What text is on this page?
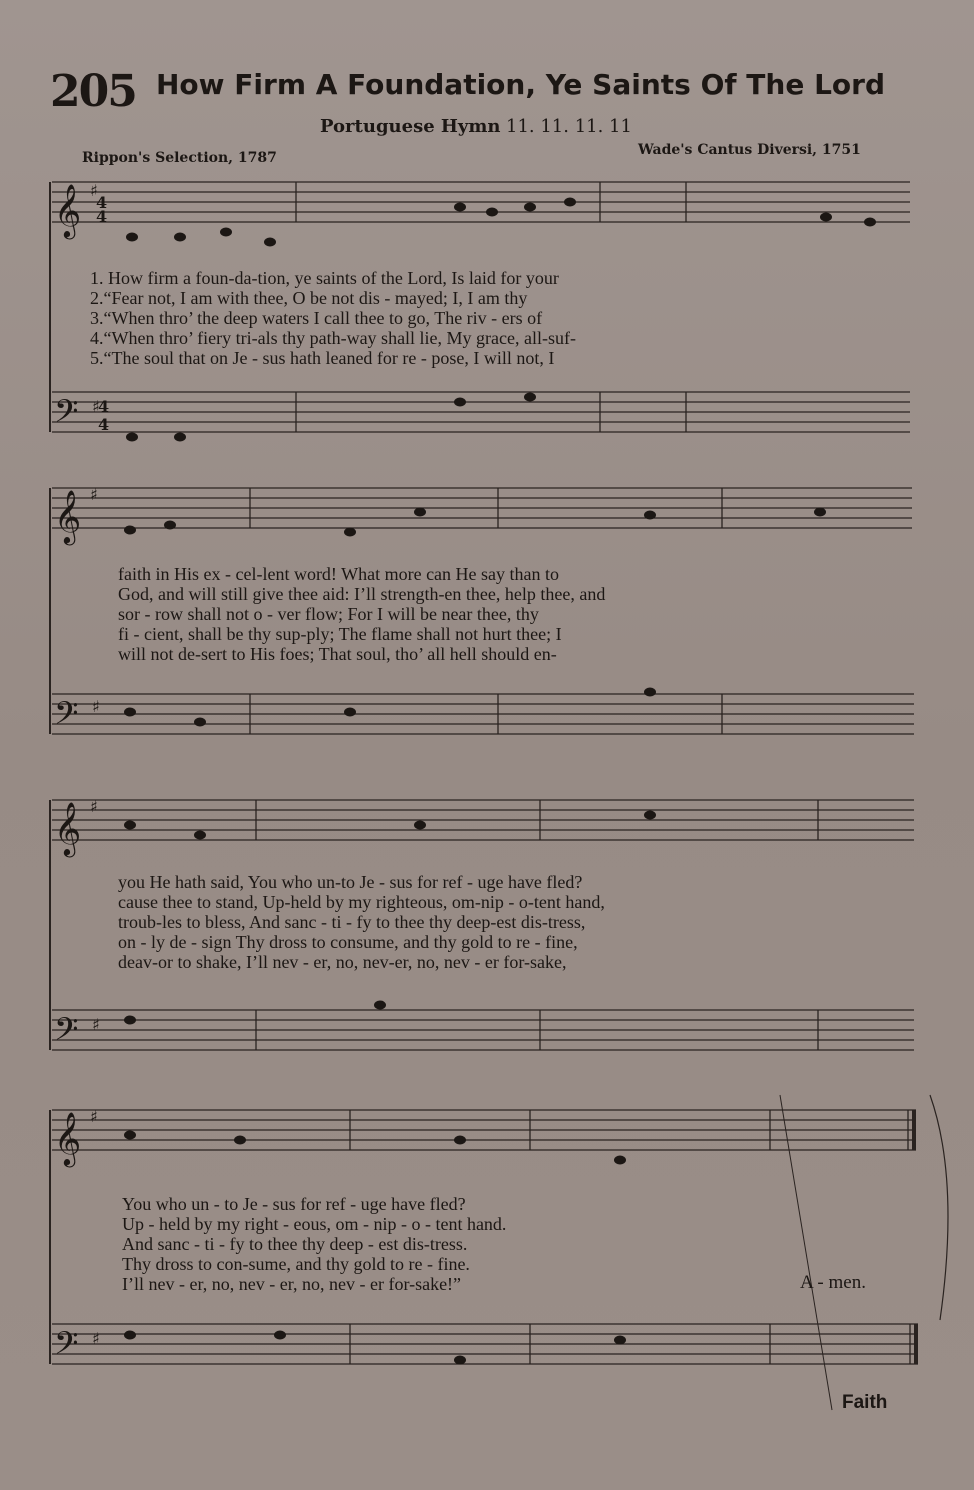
205 How Firm A Foundation, Ye Saints Of The Lord
Portuguese Hymn 11. 11. 11. 11
Rippon's Selection, 1787	Wade's Cantus Diversi, 1751
𝄞
𝄢
𝄞
𝄢
𝄞
𝄢
𝄞
𝄢
♯
4
4
♯
4
4
♯
♯
♯
♯
♯
♯
1. How firm a foun-da-tion, ye saints of the Lord, Is laid for your
2.“Fear not, I am with thee, O be not dis - mayed; I, I am thy
3.“When thro’ the deep waters I call thee to go, The riv - ers of
4.“When thro’ fiery tri-als thy path-way shall lie, My grace, all-suf-
5.“The soul that on Je - sus hath leaned for re - pose, I will not, I
faith in His ex - cel-lent word! What more can He say than to
God, and will still give thee aid: I’ll strength-en thee, help thee, and
sor - row shall not o - ver flow; For I will be near thee, thy
fi - cient, shall be thy sup-ply; The flame shall not hurt thee; I
will not de-sert to His foes; That soul, tho’ all hell should en-
you He hath said, You who un-to Je - sus for ref - uge have fled?
cause thee to stand, Up-held by my righteous, om-nip - o-tent hand,
troub-les to bless, And sanc - ti - fy to thee thy deep-est dis-tress,
on - ly de - sign Thy dross to consume, and thy gold to re - fine,
deav-or to shake, I’ll nev - er, no, nev-er, no, nev - er for-sake,
You who un - to Je - sus for ref - uge have fled?
Up - held by my right - eous, om - nip - o - tent hand.
And sanc - ti - fy to thee thy deep - est dis-tress.
Thy dross to con-sume, and thy gold to re - fine.
I’ll nev - er, no, nev - er, no, nev - er for-sake!”	A - men.
Faith
